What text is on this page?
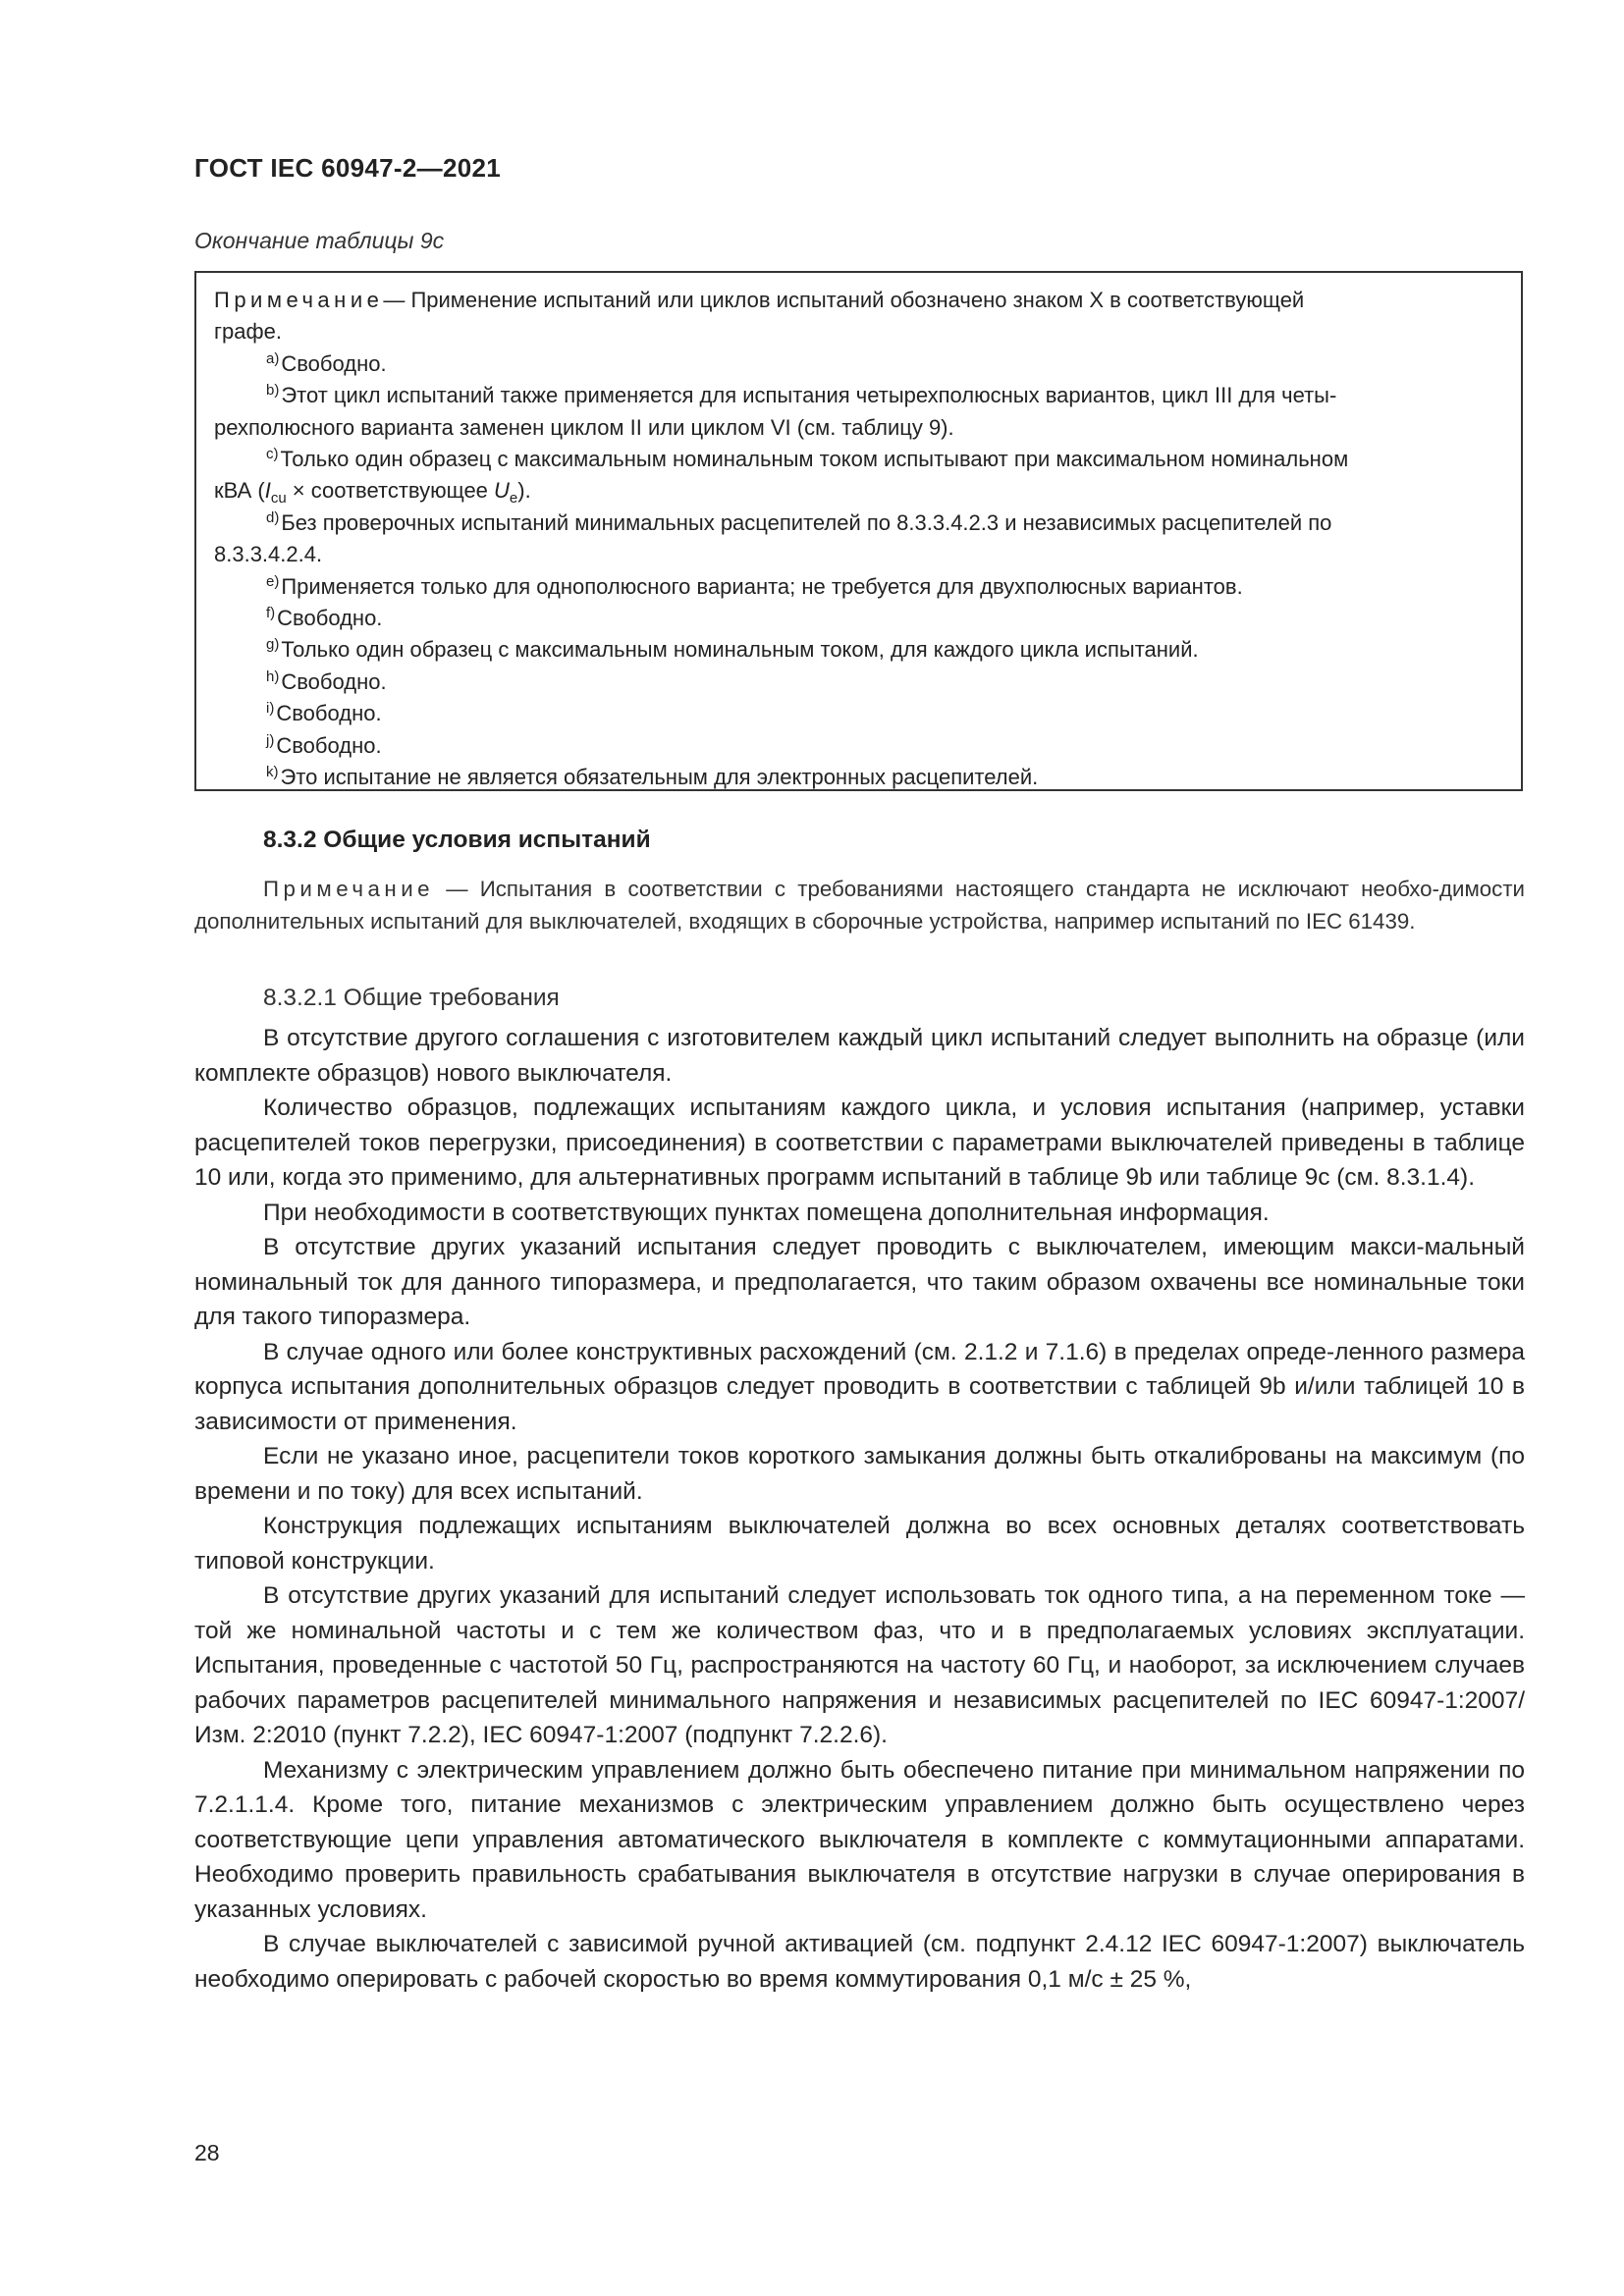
ГОСТ IEC 60947-2—2021
Окончание таблицы 9с
Примечание— Применение испытаний или циклов испытаний обозначено знаком Х в соответствующей
графе.
$^{a)}$Свободно.
$^{b)}$Этот цикл испытаний также применяется для испытания четырехполюсных вариантов, цикл III для четы-
рехполюсного варианта заменен циклом II или циклом VI (см. таблицу 9).
$^{c)}$Только один образец с максимальным номинальным током испытывают при максимальном номинальном
кВА ($I_{cu}$ × соответствующее $U_e$).
$^{d)}$Без проверочных испытаний минимальных расцепителей по 8.3.3.4.2.3 и независимых расцепителей по
8.3.3.4.2.4.
$^{e)}$Применяется только для однополюсного варианта; не требуется для двухполюсных вариантов.
$^{f)}$Свободно.
$^{g)}$Только один образец с максимальным номинальным током, для каждого цикла испытаний.
$^{h)}$Свободно.
$^{i)}$Свободно.
$^{j)}$Свободно.
$^{k)}$Это испытание не является обязательным для электронных расцепителей.
8.3.2 Общие условия испытаний
Примечание — Испытания в соответствии с требованиями настоящего стандарта не исключают необхо-димости дополнительных испытаний для выключателей, входящих в сборочные устройства, например испытаний по IEC 61439.
8.3.2.1 Общие требования

В отсутствие другого соглашения с изготовителем каждый цикл испытаний следует выполнить на образце (или комплекте образцов) нового выключателя.

Количество образцов, подлежащих испытаниям каждого цикла, и условия испытания (например, уставки расцепителей токов перегрузки, присоединения) в соответствии с параметрами выключателей приведены в таблице 10 или, когда это применимо, для альтернативных программ испытаний в таблице 9b или таблице 9с (см. 8.3.1.4).

При необходимости в соответствующих пунктах помещена дополнительная информация.

В отсутствие других указаний испытания следует проводить с выключателем, имеющим макси-мальный номинальный ток для данного типоразмера, и предполагается, что таким образом охвачены все номинальные токи для такого типоразмера.

В случае одного или более конструктивных расхождений (см. 2.1.2 и 7.1.6) в пределах опреде-ленного размера корпуса испытания дополнительных образцов следует проводить в соответствии с таблицей 9b и/или таблицей 10 в зависимости от применения.

Если не указано иное, расцепители токов короткого замыкания должны быть откалиброваны на максимум (по времени и по току) для всех испытаний.

Конструкция подлежащих испытаниям выключателей должна во всех основных деталях соответствовать типовой конструкции.

В отсутствие других указаний для испытаний следует использовать ток одного типа, а на переменном токе — той же номинальной частоты и с тем же количеством фаз, что и в предполагаемых условиях эксплуатации. Испытания, проведенные с частотой 50 Гц, распространяются на частоту 60 Гц, и наоборот, за исключением случаев рабочих параметров расцепителей минимального напряжения и независимых расцепителей по IEC 60947-1:2007/Изм. 2:2010 (пункт 7.2.2), IEC 60947-1:2007 (подпункт 7.2.2.6).

Механизму с электрическим управлением должно быть обеспечено питание при минимальном напряжении по 7.2.1.1.4. Кроме того, питание механизмов с электрическим управлением должно быть осуществлено через соответствующие цепи управления автоматического выключателя в комплекте с коммутационными аппаратами. Необходимо проверить правильность срабатывания выключателя в отсутствие нагрузки в случае оперирования в указанных условиях.

В случае выключателей с зависимой ручной активацией (см. подпункт 2.4.12 IEC 60947-1:2007) выключатель необходимо оперировать с рабочей скоростью во время коммутирования 0,1 м/с ± 25 %,

28
